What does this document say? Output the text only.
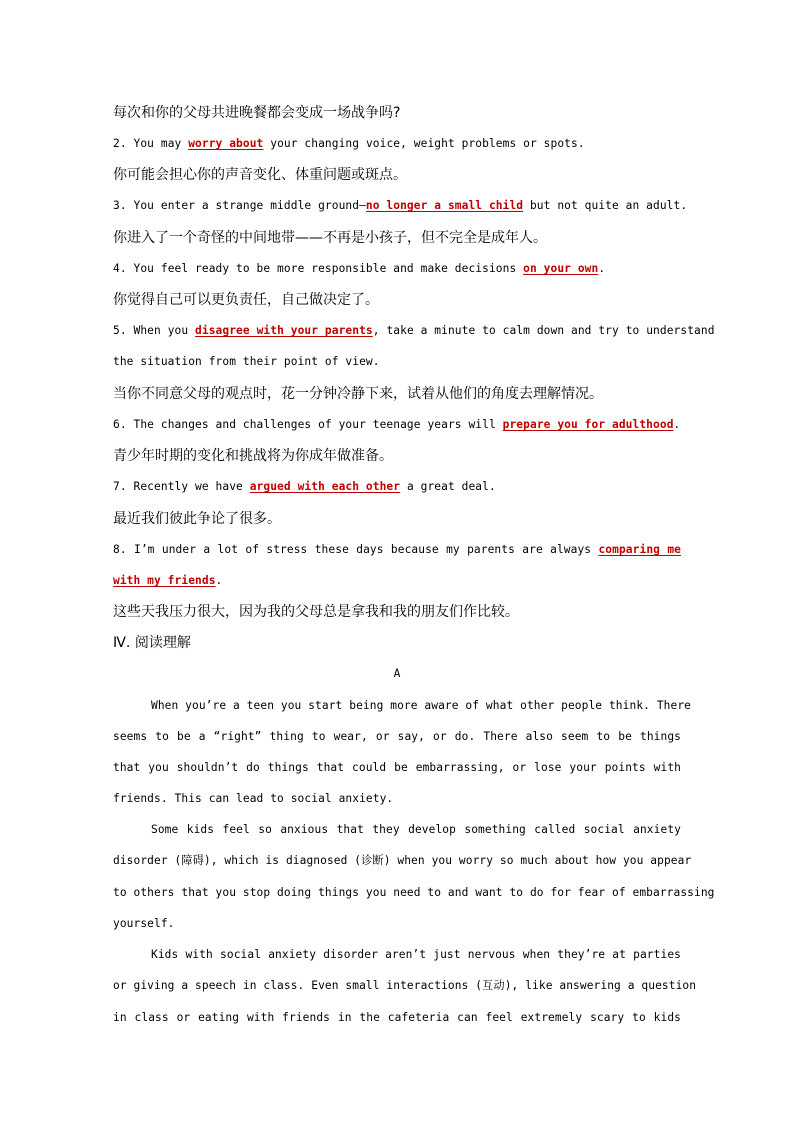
每次和你的父母共进晚餐都会变成一场战争吗?
2. You may worry about your changing voice, weight problems or spots.
你可能会担心你的声音变化、体重问题或斑点。
3. You enter a strange middle ground—no longer a small child but not quite an adult.
你进入了一个奇怪的中间地带——不再是小孩子，但不完全是成年人。
4. You feel ready to be more responsible and make decisions on your own.
你觉得自己可以更负责任，自己做决定了。
5. When you disagree with your parents, take a minute to calm down and try to understand
the situation from their point of view.
当你不同意父母的观点时，花一分钟冷静下来，试着从他们的角度去理解情况。
6. The changes and challenges of your teenage years will prepare you for adulthood.
青少年时期的变化和挑战将为你成年做准备。
7. Recently we have argued with each other a great deal.
最近我们彼此争论了很多。
8. I’m under a lot of stress these days because my parents are always comparing me
with my friends.
这些天我压力很大，因为我的父母总是拿我和我的朋友们作比较。
Ⅳ. 阅读理解
A
When you’re a teen you start being more aware of what other people think. There
seems to be a “right” thing to wear, or say, or do. There also seem to be things
that you shouldn’t do things that could be embarrassing, or lose your points with
friends. This can lead to social anxiety.
Some kids feel so anxious that they develop something called social anxiety
disorder (障碍), which is diagnosed (诊断) when you worry so much about how you appear
to others that you stop doing things you need to and want to do for fear of embarrassing
yourself.
Kids with social anxiety disorder aren’t just nervous when they’re at parties
or giving a speech in class. Even small interactions (互动), like answering a question
in class or eating with friends in the cafeteria can feel extremely scary to kids
